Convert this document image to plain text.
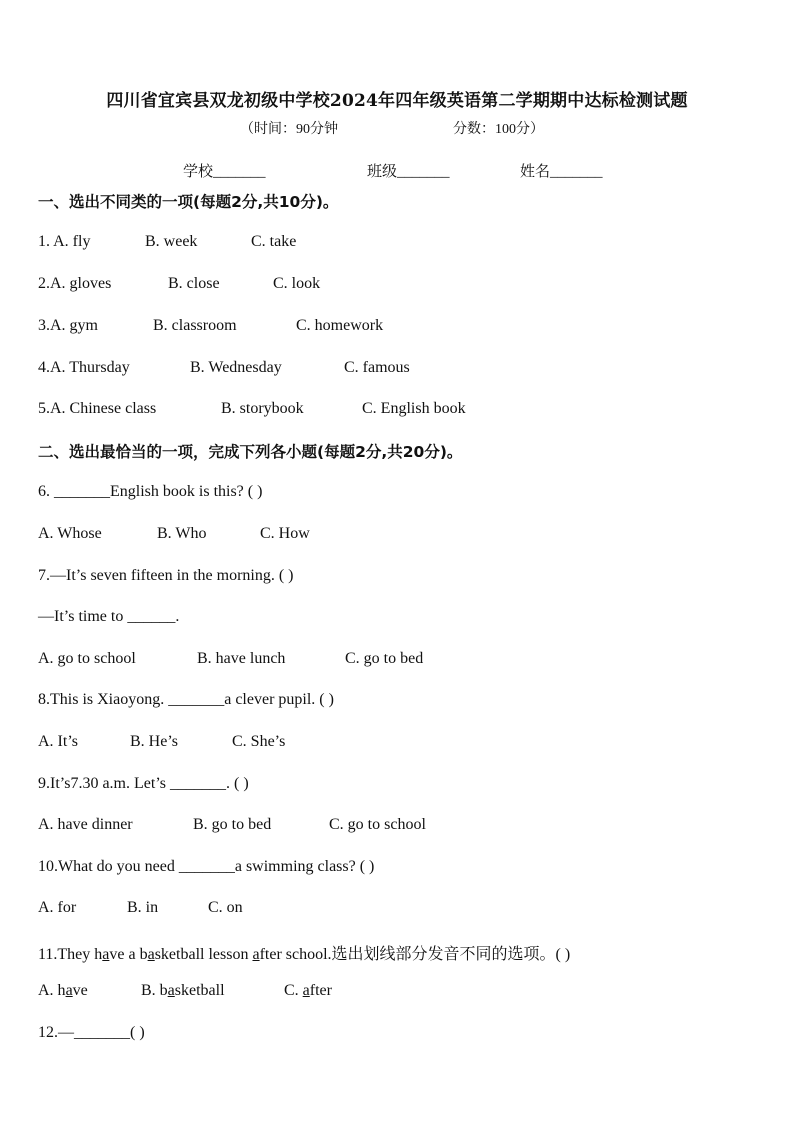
四川省宜宾县双龙初级中学校2024年四年级英语第二学期期中达标检测试题
（时间：90分钟	分数：100分）
学校_______	班级_______	姓名_______
一、选出不同类的一项(每题2分,共10分)。
1. A. fly	B. week	C. take
2.A. gloves	B. close	C. look
3.A. gym	B. classroom	C. homework
4.A. Thursday	B. Wednesday	C. famous
5.A. Chinese class	B. storybook	C. English book
二、选出最恰当的一项，完成下列各小题(每题2分,共20分)。
6. _______English book is this? ( )
A. Whose	B. Who	C. How
7.—It’s seven fifteen in the morning. ( )
—It’s time to ______.
A. go to school	B. have lunch	C. go to bed
8.This is Xiaoyong. _______a clever pupil. ( )
A. It’s	B. He’s	C. She’s
9.It’s7.30 a.m. Let’s _______. ( )
A. have dinner	B. go to bed	C. go to school
10.What do you need _______a swimming class? ( )
A. for	B. in	C. on
11.They have a basketball lesson after school.选出划线部分发音不同的选项。( )
A. have	B. basketball	C. after
12.—_______( )
